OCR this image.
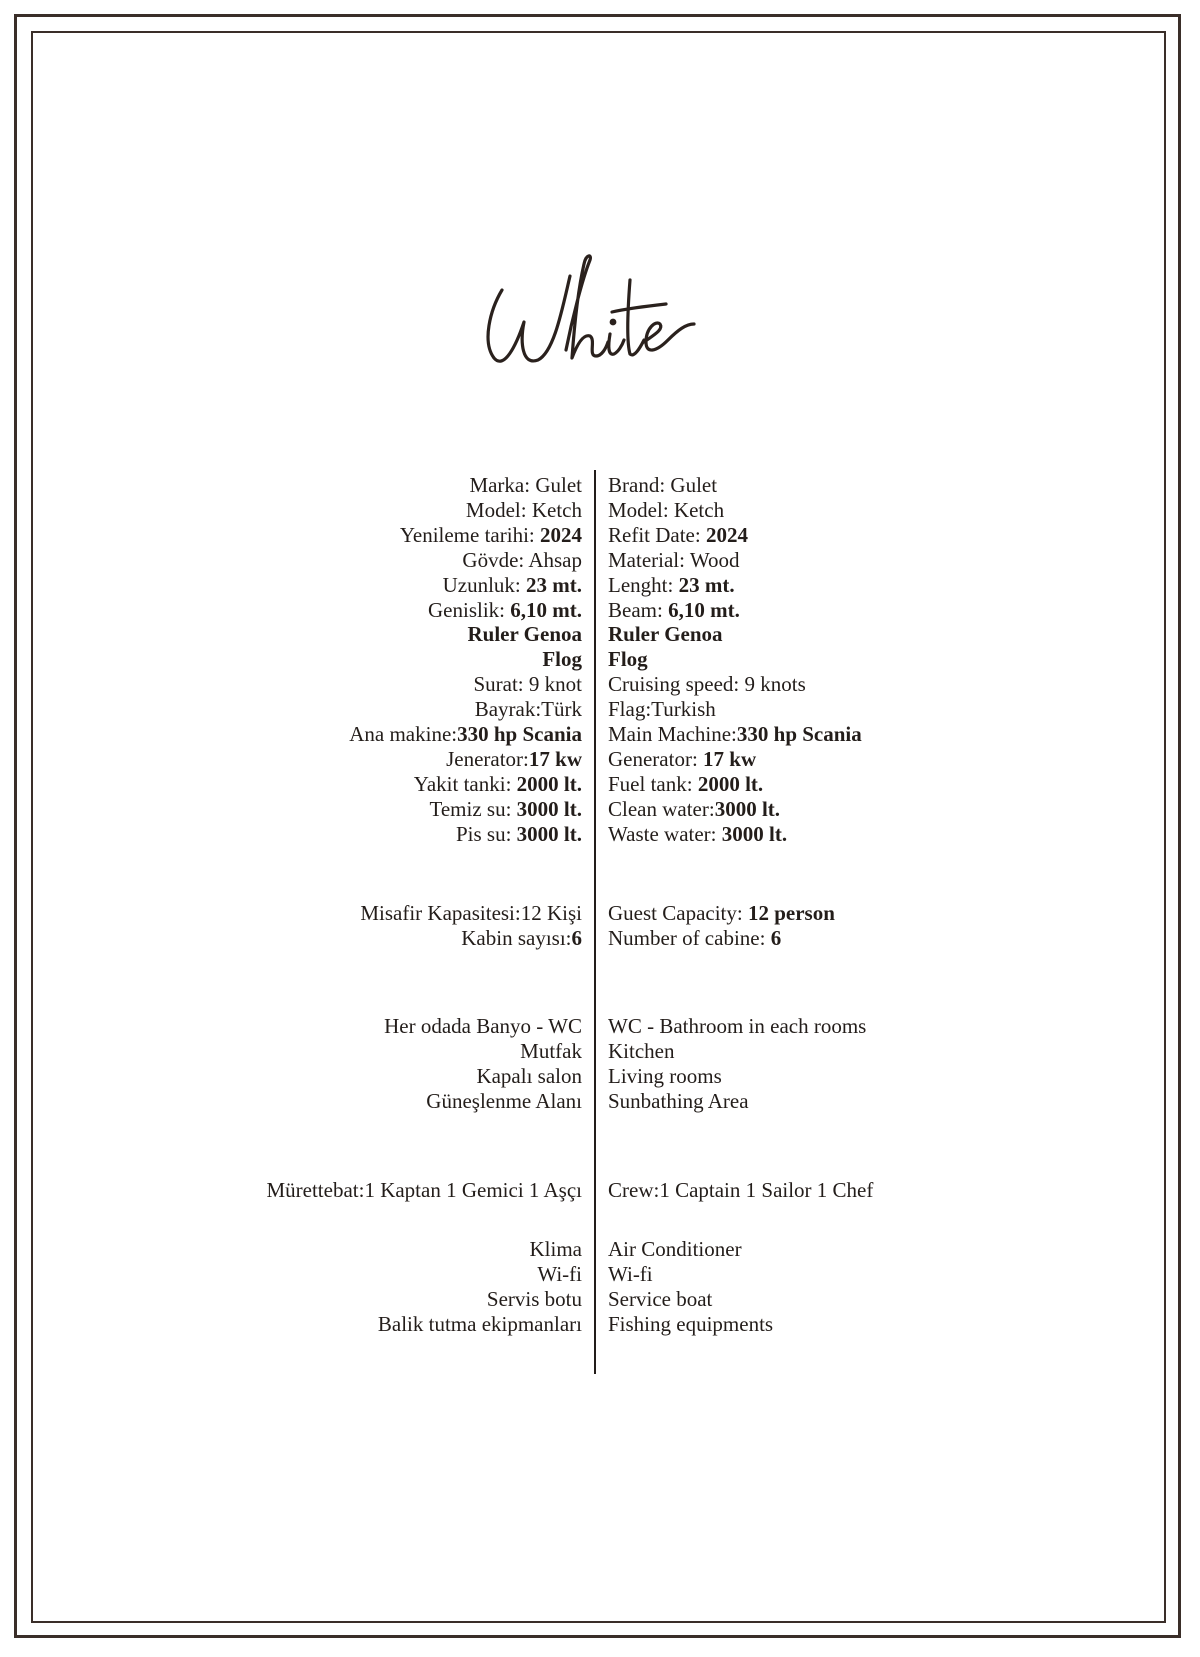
Marka: Gulet
Model: Ketch
Yenileme tarihi: 2024
Gövde: Ahsap
Uzunluk: 23 mt.
Genislik: 6,10 mt.
Ruler Genoa
Flog
Surat: 9 knot
Bayrak:Türk
Ana makine:330 hp Scania
Jenerator:17 kw
Yakit tanki: 2000 lt.
Temiz su: 3000 lt.
Pis su: 3000 lt.
Misafir Kapasitesi:12 Kişi
Kabin sayısı:6
Her odada Banyo - WC
Mutfak
Kapalı salon
Güneşlenme Alanı
Mürettebat:1 Kaptan 1 Gemici 1 Aşçı
Klima
Wi-fi
Servis botu
Balik tutma ekipmanları
Brand: Gulet
Model: Ketch
Refit Date: 2024
Material: Wood
Lenght: 23 mt.
Beam: 6,10 mt.
Ruler Genoa
Flog
Cruising speed: 9 knots
Flag:Turkish
Main Machine:330 hp Scania
Generator: 17 kw
Fuel tank: 2000 lt.
Clean water:3000 lt.
Waste water: 3000 lt.
Guest Capacity: 12 person
Number of cabine: 6
WC - Bathroom in each rooms
Kitchen
Living rooms
Sunbathing Area
Crew:1 Captain 1 Sailor 1 Chef
Air Conditioner
Wi-fi
Service boat
Fishing equipments
